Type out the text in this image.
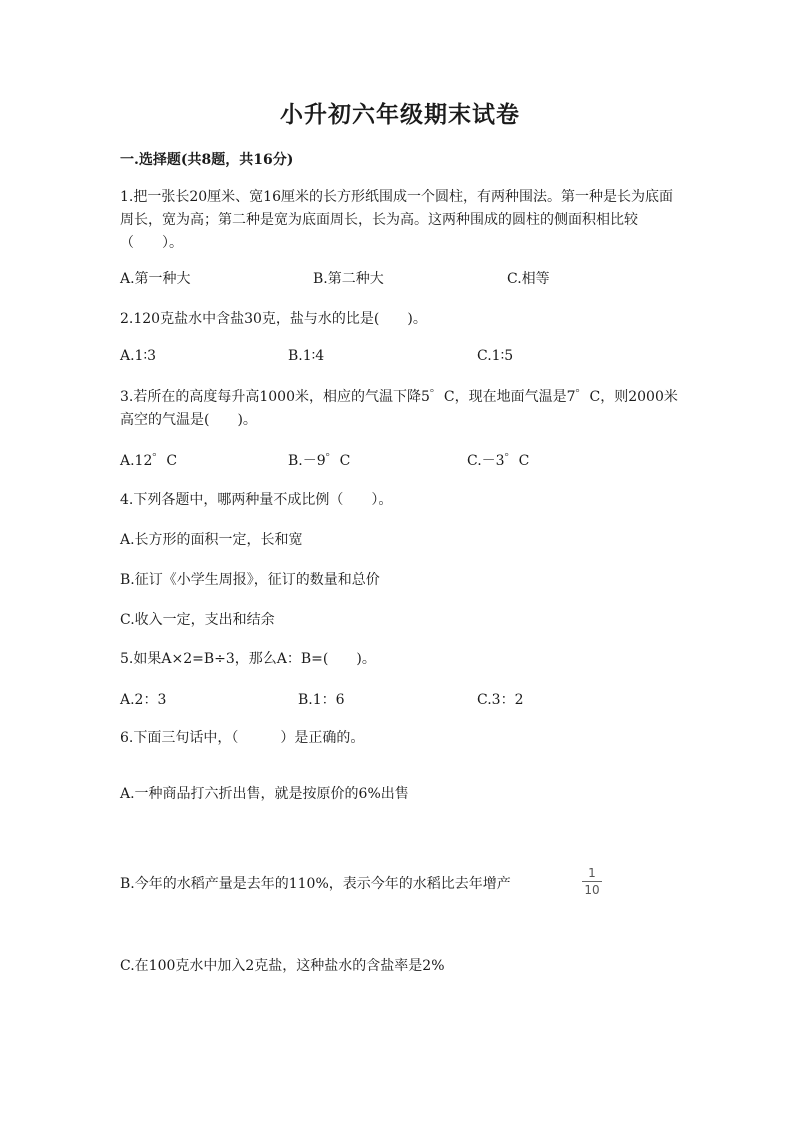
小升初六年级期末试卷
一.选择题(共8题，共16分)
1.把一张长20厘米、宽16厘米的长方形纸围成一个圆柱，有两种围法。第一种是长为底面周长，宽为高；第二种是宽为底面周长，长为高。这两种围成的圆柱的侧面积相比较（　　）。
A.第一种大	B.第二种大	C.相等
2.120克盐水中含盐30克，盐与水的比是(　　)。
A.1∶3	B.1∶4	C.1∶5
3.若所在的高度每升高1000米，相应的气温下降5゜C，现在地面气温是7゜C，则2000米高空的气温是(　　)。
A.12゜C	B.－9゜C	C.－3゜C
4.下列各题中，哪两种量不成比例（　　）。
A.长方形的面积一定，长和宽
B.征订《小学生周报》，征订的数量和总价
C.收入一定，支出和结余
5.如果A×2=B÷3，那么A：B=(　　)。
A.2：3	B.1：6	C.3：2
6.下面三句话中，（　　　）是正确的。
A.一种商品打六折出售，就是按原价的6%出售
B.今年的水稻产量是去年的110%，表示今年的水稻比去年增产
1
10
C.在100克水中加入2克盐，这种盐水的含盐率是2%
